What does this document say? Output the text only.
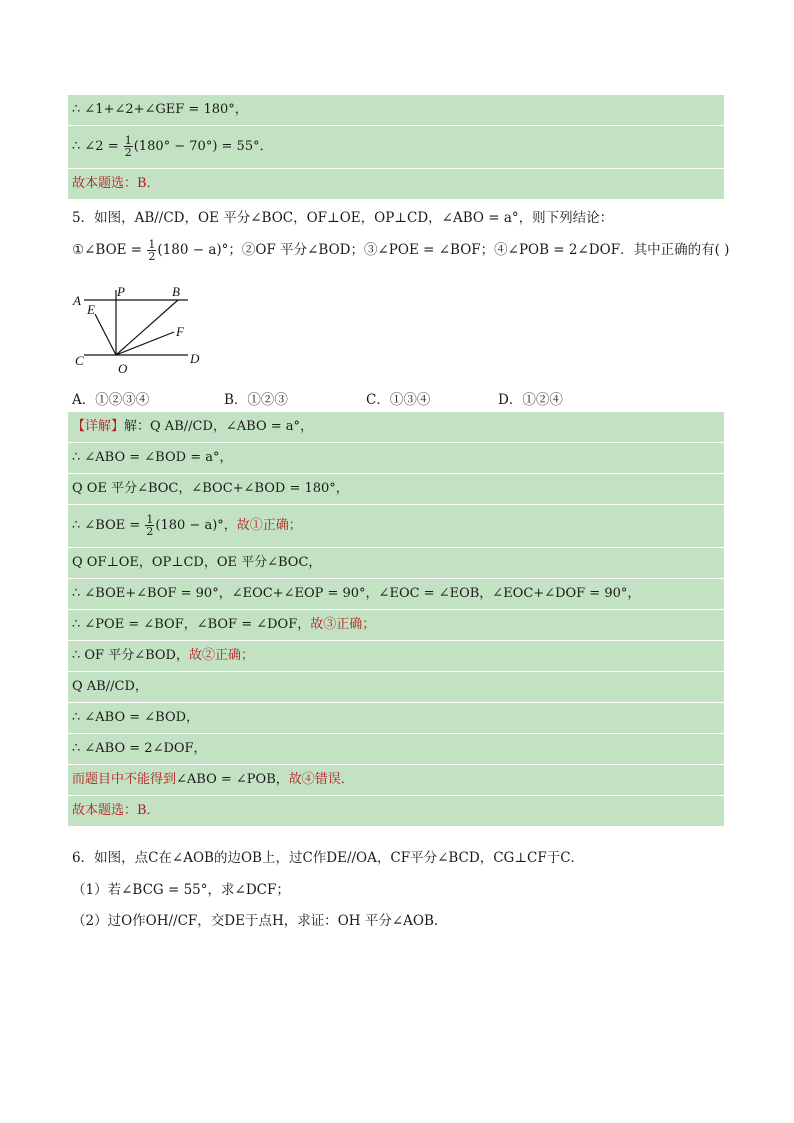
∴ ∠1+∠2+∠GEF = 180°，
∴ ∠2 = $\frac{1}{2} (180^\circ - 70^\circ) = 55^\circ$．
故本题选：B．
5．如图，AB//CD，OE 平分∠BOC，OF⊥OE，OP⊥CD，∠ABO = a°，则下列结论：
①∠BOE = $\frac{1}{2} (180 - a)^\circ$；②OF 平分∠BOD；③∠POE = ∠BOF；④∠POB = 2∠DOF．其中正确的有( )
A
E
P	B
F
C
O
D
A．①②③④	B．①②③	C．①③④	D．①②④
【详解】解：Q AB//CD，∠ABO = a°，
∴ ∠ABO = ∠BOD = a°，
Q OE 平分∠BOC，∠BOC+∠BOD = 180°，
∴ ∠BOE = $\frac{1}{2} (180 - a)^\circ$，故①正确；
Q OF⊥OE，OP⊥CD，OE 平分∠BOC，
∴ ∠BOE+∠BOF = 90°，∠EOC+∠EOP = 90°，∠EOC = ∠EOB，∠EOC+∠DOF = 90°，
∴ ∠POE = ∠BOF，∠BOF = ∠DOF，故③正确；
∴ OF 平分∠BOD，故②正确；
Q AB//CD，
∴ ∠ABO = ∠BOD，
∴ ∠ABO = 2∠DOF，
而题目中不能得到∠ABO = ∠POB，故④错误．
故本题选：B．
6．如图，点C在∠AOB的边OB上，过C作DE//OA，CF平分∠BCD，CG⊥CF于C．
（1）若∠BCG = 55°，求∠DCF；
（2）过O作OH//CF，交DE于点H，求证：OH 平分∠AOB．
